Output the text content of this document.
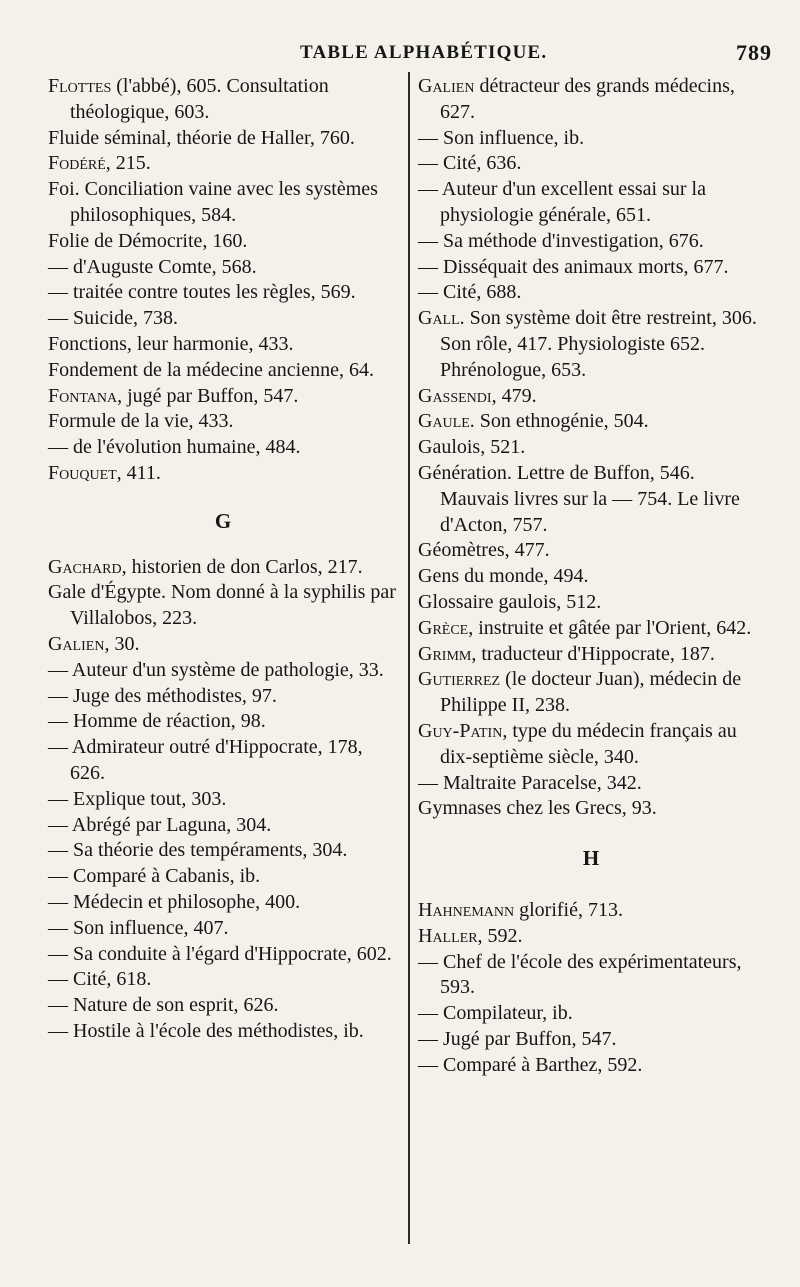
TABLE ALPHABÉTIQUE.	789

Flottes (l'abbé), 605. Consultation théologique, 603.

Fluide séminal, théorie de Haller, 760.

Fodéré, 215.

Foi. Conciliation vaine avec les systèmes philosophiques, 584.

Folie de Démocrite, 160.

— d'Auguste Comte, 568.

— traitée contre toutes les règles, 569.

— Suicide, 738.

Fonctions, leur harmonie, 433.

Fondement de la médecine ancienne, 64.

Fontana, jugé par Buffon, 547.

Formule de la vie, 433.

— de l'évolution humaine, 484.

Fouquet, 411.

G

Gachard, historien de don Carlos, 217.

Gale d'Égypte. Nom donné à la syphilis par Villalobos, 223.

Galien, 30.

— Auteur d'un système de pathologie, 33.

— Juge des méthodistes, 97.

— Homme de réaction, 98.

— Admirateur outré d'Hippocrate, 178, 626.

— Explique tout, 303.

— Abrégé par Laguna, 304.

— Sa théorie des tempéraments, 304.

— Comparé à Cabanis, ib.

— Médecin et philosophe, 400.

— Son influence, 407.

— Sa conduite à l'égard d'Hippocrate, 602.

— Cité, 618.

— Nature de son esprit, 626.

— Hostile à l'école des méthodistes, ib.

Galien détracteur des grands médecins, 627.

— Son influence, ib.

— Cité, 636.

— Auteur d'un excellent essai sur la physiologie générale, 651.

— Sa méthode d'investigation, 676.

— Disséquait des animaux morts, 677.

— Cité, 688.

Gall. Son système doit être restreint, 306. Son rôle, 417. Physiologiste 652. Phrénologue, 653.

Gassendi, 479.

Gaule. Son ethnogénie, 504.

Gaulois, 521.

Génération. Lettre de Buffon, 546. Mauvais livres sur la — 754. Le livre d'Acton, 757.

Géomètres, 477.

Gens du monde, 494.

Glossaire gaulois, 512.

Grèce, instruite et gâtée par l'Orient, 642.

Grimm, traducteur d'Hippocrate, 187.

Gutierrez (le docteur Juan), médecin de Philippe II, 238.

Guy-Patin, type du médecin français au dix-septième siècle, 340.

— Maltraite Paracelse, 342.

Gymnases chez les Grecs, 93.

H

Hahnemann glorifié, 713.

Haller, 592.

— Chef de l'école des expérimentateurs, 593.

— Compilateur, ib.

— Jugé par Buffon, 547.

— Comparé à Barthez, 592.
